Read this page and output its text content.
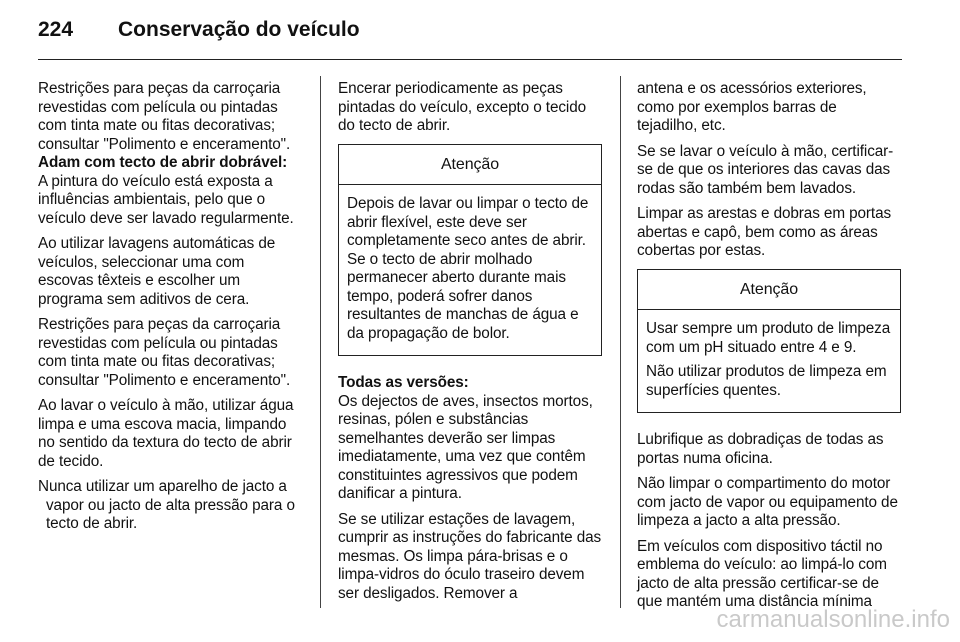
224 Conservação do veículo

Restrições para peças da carroçaria revestidas com película ou pintadas com tinta mate ou fitas decorativas; consultar "Polimento e enceramento".

Adam com tecto de abrir dobrável:

A pintura do veículo está exposta a influências ambientais, pelo que o veículo deve ser lavado regularmente.

Ao utilizar lavagens automáticas de veículos, seleccionar uma com escovas têxteis e escolher um programa sem aditivos de cera.

Restrições para peças da carroçaria revestidas com película ou pintadas com tinta mate ou fitas decorativas; consultar "Polimento e enceramento".

Ao lavar o veículo à mão, utilizar água limpa e uma escova macia, limpando no sentido da textura do tecto de abrir de tecido.

Nunca utilizar um aparelho de jacto a vapor ou jacto de alta pressão para o tecto de abrir.

Encerar periodicamente as peças pintadas do veículo, excepto o tecido do tecto de abrir.

Atenção

Depois de lavar ou limpar o tecto de abrir flexível, este deve ser completamente seco antes de abrir. Se o tecto de abrir molhado permanecer aberto durante mais tempo, poderá sofrer danos resultantes de manchas de água e da propagação de bolor.

Todas as versões:

Os dejectos de aves, insectos mortos, resinas, pólen e substâncias semelhantes deverão ser limpas imediatamente, uma vez que contêm constituintes agressivos que podem danificar a pintura.

Se se utilizar estações de lavagem, cumprir as instruções do fabricante das mesmas. Os limpa pára-brisas e o limpa-vidros do óculo traseiro devem ser desligados. Remover a

antena e os acessórios exteriores, como por exemplos barras de tejadilho, etc.

Se se lavar o veículo à mão, certificar-se de que os interiores das cavas das rodas são também bem lavados.

Limpar as arestas e dobras em portas abertas e capô, bem como as áreas cobertas por estas.

Atenção

Usar sempre um produto de limpeza com um pH situado entre 4 e 9.

Não utilizar produtos de limpeza em superfícies quentes.

Lubrifique as dobradiças de todas as portas numa oficina.

Não limpar o compartimento do motor com jacto de vapor ou equipamento de limpeza a jacto a alta pressão.

Em veículos com dispositivo táctil no emblema do veículo: ao limpá-lo com jacto de alta pressão certificar-se de que mantém uma distância mínima

carmanualsonline.info
